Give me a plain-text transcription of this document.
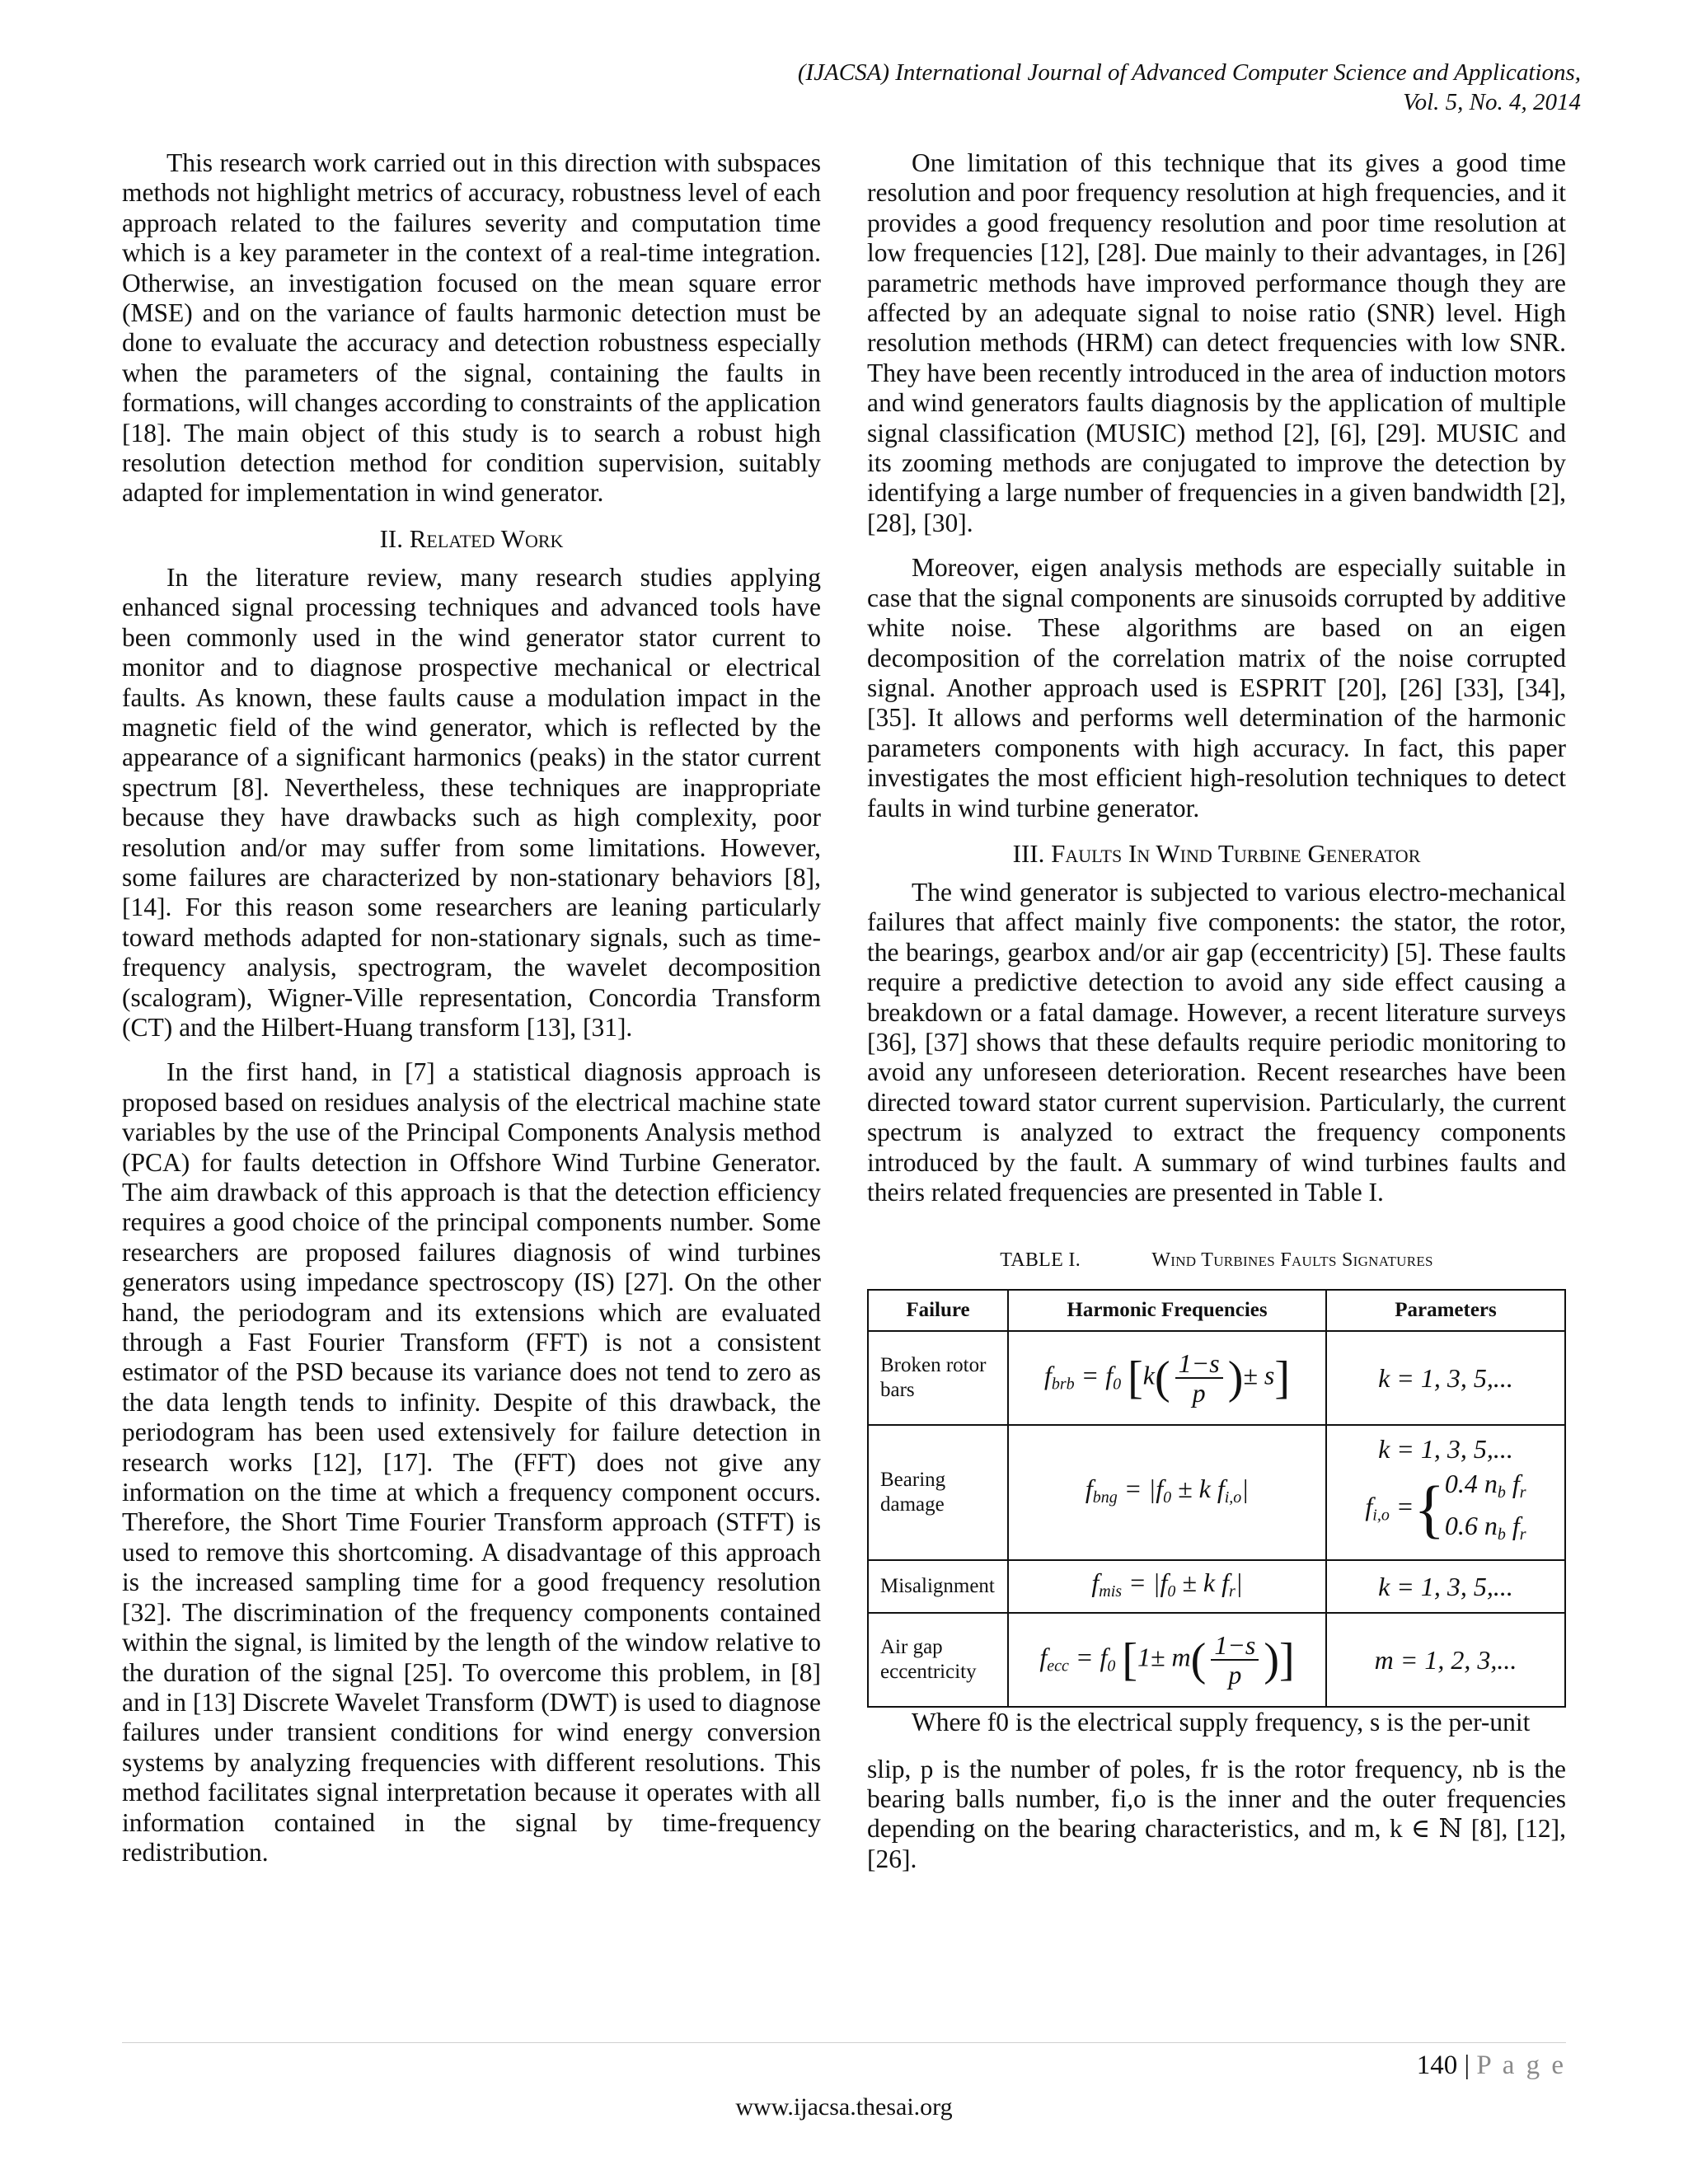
(IJACSA) International Journal of Advanced Computer Science and Applications,
Vol. 5, No. 4, 2014

This research work carried out in this direction with subspaces methods not highlight metrics of accuracy, robustness level of each approach related to the failures severity and computation time which is a key parameter in the context of a real-time integration. Otherwise, an investigation focused on the mean square error (MSE) and on the variance of faults harmonic detection must be done to evaluate the accuracy and detection robustness especially when the parameters of the signal, containing the faults in formations, will changes according to constraints of the application [18]. The main object of this study is to search a robust high resolution detection method for condition supervision, suitably adapted for implementation in wind generator.

II. Related Work

In the literature review, many research studies applying enhanced signal processing techniques and advanced tools have been commonly used in the wind generator stator current to monitor and to diagnose prospective mechanical or electrical faults. As known, these faults cause a modulation impact in the magnetic field of the wind generator, which is reflected by the appearance of a significant harmonics (peaks) in the stator current spectrum [8]. Nevertheless, these techniques are inappropriate because they have drawbacks such as high complexity, poor resolution and/or may suffer from some limitations. However, some failures are characterized by non-stationary behaviors [8], [14]. For this reason some researchers are leaning particularly toward methods adapted for non-stationary signals, such as time-frequency analysis, spectrogram, the wavelet decomposition (scalogram), Wigner-Ville representation, Concordia Transform (CT) and the Hilbert-Huang transform [13], [31].

In the first hand, in [7] a statistical diagnosis approach is proposed based on residues analysis of the electrical machine state variables by the use of the Principal Components Analysis method (PCA) for faults detection in Offshore Wind Turbine Generator. The aim drawback of this approach is that the detection efficiency requires a good choice of the principal components number. Some researchers are proposed failures diagnosis of wind turbines generators using impedance spectroscopy (IS) [27]. On the other hand, the periodogram and its extensions which are evaluated through a Fast Fourier Transform (FFT) is not a consistent estimator of the PSD because its variance does not tend to zero as the data length tends to infinity. Despite of this drawback, the periodogram has been used extensively for failure detection in research works [12], [17]. The (FFT) does not give any information on the time at which a frequency component occurs. Therefore, the Short Time Fourier Transform approach (STFT) is used to remove this shortcoming. A disadvantage of this approach is the increased sampling time for a good frequency resolution [32]. The discrimination of the frequency components contained within the signal, is limited by the length of the window relative to the duration of the signal [25]. To overcome this problem, in [8] and in [13] Discrete Wavelet Transform (DWT) is used to diagnose failures under transient conditions for wind energy conversion systems by analyzing frequencies with different resolutions. This method facilitates signal interpretation because it operates with all information contained in the signal by time-frequency redistribution.

One limitation of this technique that its gives a good time resolution and poor frequency resolution at high frequencies, and it provides a good frequency resolution and poor time resolution at low frequencies [12], [28]. Due mainly to their advantages, in [26] parametric methods have improved performance though they are affected by an adequate signal to noise ratio (SNR) level. High resolution methods (HRM) can detect frequencies with low SNR. They have been recently introduced in the area of induction motors and wind generators faults diagnosis by the application of multiple signal classification (MUSIC) method [2], [6], [29]. MUSIC and its zooming methods are conjugated to improve the detection by identifying a large number of frequencies in a given bandwidth [2], [28], [30].

Moreover, eigen analysis methods are especially suitable in case that the signal components are sinusoids corrupted by additive white noise. These algorithms are based on an eigen decomposition of the correlation matrix of the noise corrupted signal. Another approach used is ESPRIT [20], [26] [33], [34], [35]. It allows and performs well determination of the harmonic parameters components with high accuracy. In fact, this paper investigates the most efficient high-resolution techniques to detect faults in wind turbine generator.

III. Faults In Wind Turbine Generator

The wind generator is subjected to various electro-mechanical failures that affect mainly five components: the stator, the rotor, the bearings, gearbox and/or air gap (eccentricity) [5]. These faults require a predictive detection to avoid any side effect causing a breakdown or a fatal damage. However, a recent literature surveys [36], [37] shows that these defaults require periodic monitoring to avoid any unforeseen deterioration. Recent researches have been directed toward stator current supervision. Particularly, the current spectrum is analyzed to extract the frequency components introduced by the fault. A summary of wind turbines faults and theirs related frequencies are presented in Table I.

TABLE I.	Wind Turbines Faults Signatures
Failure	Harmonic Frequencies	Parameters
Broken rotor bars	$f_{brb} = f_0$ [$k( \frac{1-s}{p}$ )± s]	k = 1, 3, 5,...
Bearing damage	$f_{bng} = |f_0 \pm k$ $f_{i,o}|$	k = 1, 3, 5,...
$f_{i,o} =\{0.4$ $n_b$ $f_r$
0.6 $n_b$ $f_r$

Misalignment	$f_{mis} = |f_0 \pm k$ $f_r|$	k = 1, 3, 5,...
Air gap eccentricity	$f_{ecc} = f_0$ [$1\pm m( \frac{1-s}{p}$ )]	m = 1, 2, 3,...

Where f0 is the electrical supply frequency, s is the per-unit

slip, p is the number of poles, fr is the rotor frequency, nb is the bearing balls number, fi,o is the inner and the outer frequencies depending on the bearing characteristics, and m, k ∈ ℕ [8], [12], [26].

140 | P a g e
www.ijacsa.thesai.org
